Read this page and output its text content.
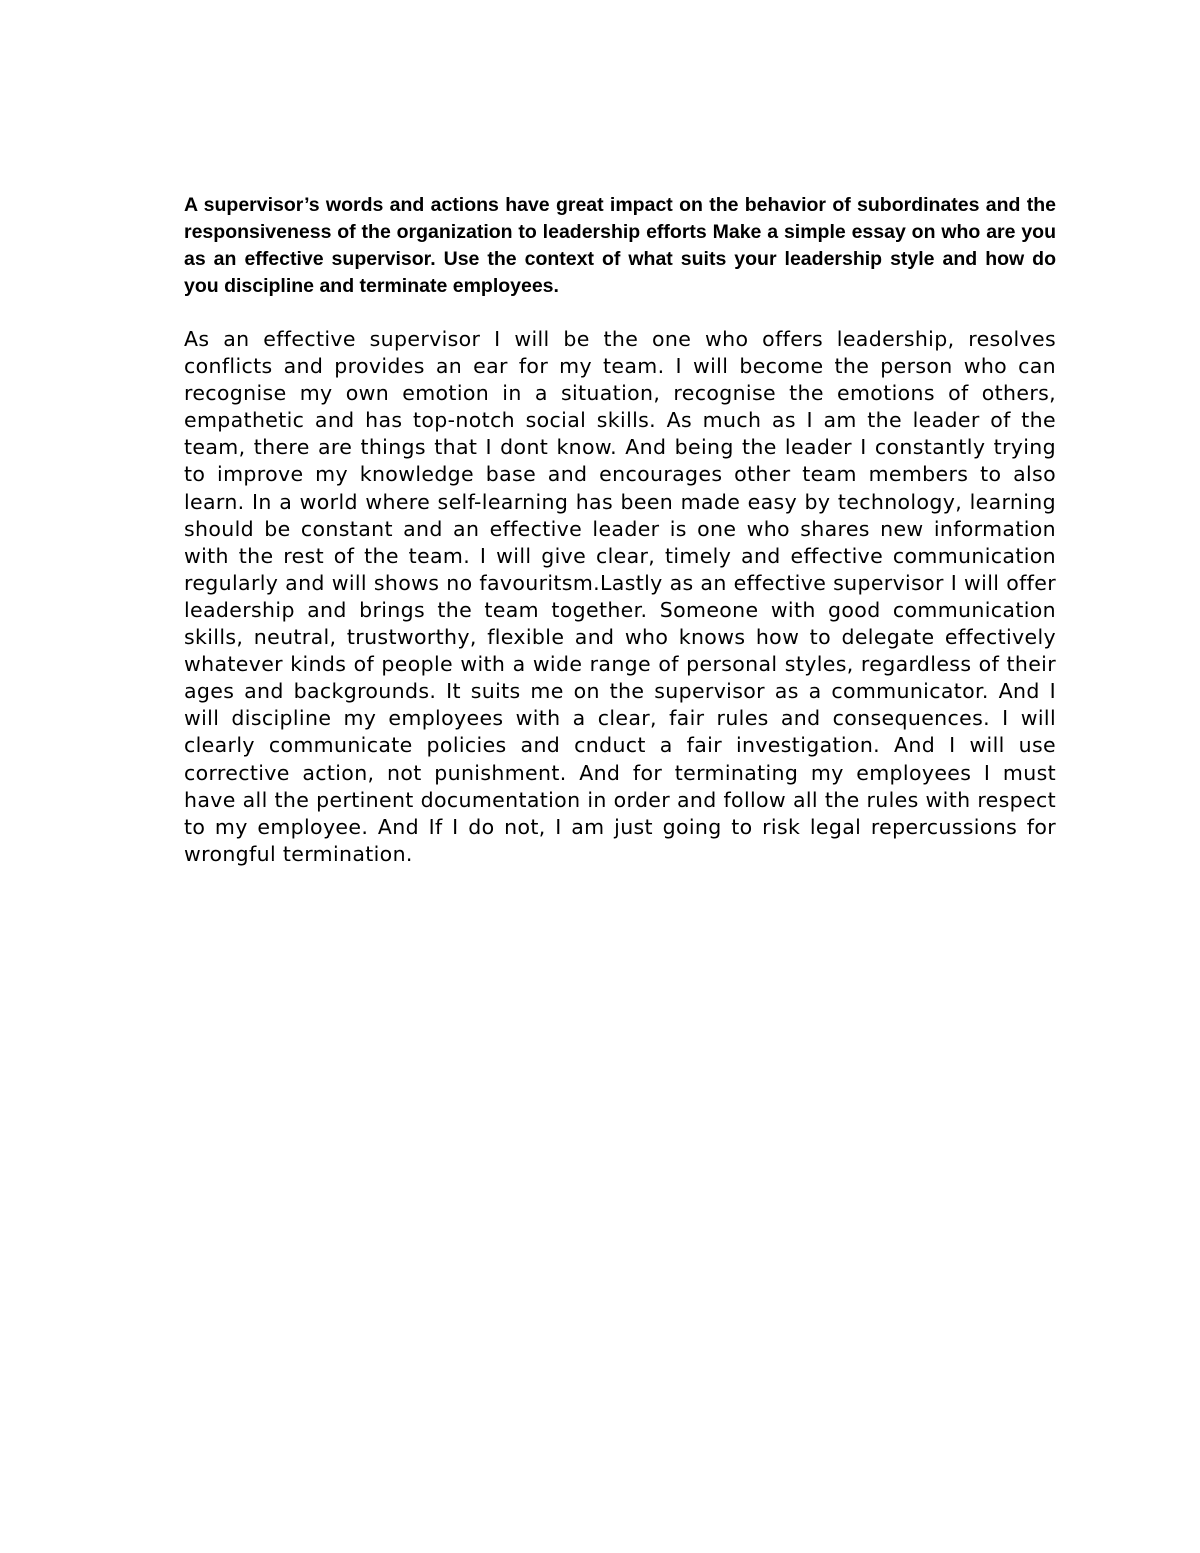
A supervisor’s words and actions have great impact on the behavior of subordinates and the responsiveness of the organization to leadership efforts Make a simple essay on who are you as an effective supervisor. Use the context of what suits your leadership style and how do you discipline and terminate employees.

As an effective supervisor I will be the one who offers leadership, resolves conflicts and provides an ear for my team. I will become the person who can recognise my own emotion in a situation, recognise the emotions of others, empathetic and has top-notch social skills. As much as I am the leader of the team, there are things that I dont know. And being the leader I constantly trying to improve my knowledge base and encourages other team members to also learn. In a world where self-learning has been made easy by technology, learning should be constant and an effective leader is one who shares new information with the rest of the team. I will give clear, timely and effective communication regularly and will shows no favouritsm.Lastly as an effective supervisor I will offer leadership and brings the team together. Someone with good communication skills, neutral, trustworthy, flexible and who knows how to delegate effectively whatever kinds of people with a wide range of personal styles, regardless of their ages and backgrounds. It suits me on the supervisor as a communicator. And I will discipline my employees with a clear, fair rules and consequences. I will clearly communicate policies and cnduct a fair investigation. And I will use corrective action, not punishment. And for terminating my employees I must have all the pertinent documentation in order and follow all the rules with respect to my employee. And If I do not, I am just going to risk legal repercussions for wrongful termination.
